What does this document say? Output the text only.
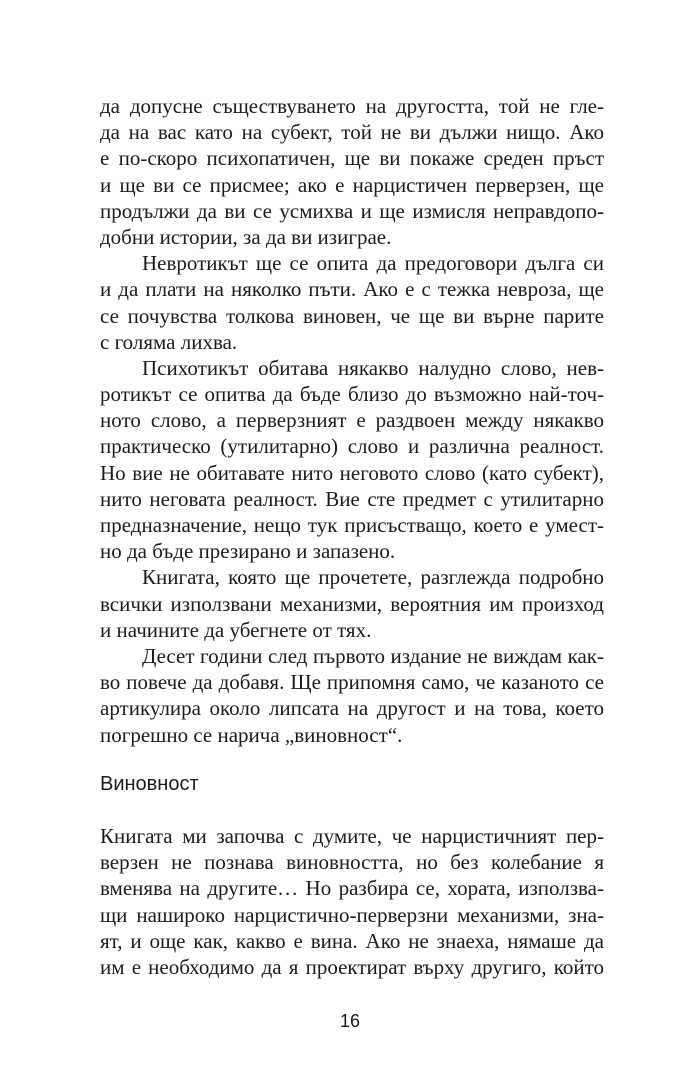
да допусне съществуването на другостта, той не гле-
да на вас като на субект, той не ви дължи нищо. Ако
е по-скоро психопатичен, ще ви покаже среден пръст
и ще ви се присмее; ако е нарцистичен перверзен, ще
продължи да ви се усмихва и ще измисля неправдопо-
добни истории, за да ви изиграе.
Невротикът ще се опита да предоговори дълга си
и да плати на няколко пъти. Ако е с тежка невроза, ще
се почувства толкова виновен, че ще ви върне парите
с голяма лихва.
Психотикът обитава някакво налудно слово, нев-
ротикът се опитва да бъде близо до възможно най-точ-
ното слово, а перверзният е раздвоен между някакво
практическо (утилитарно) слово и различна реалност.
Но вие не обитавате нито неговото слово (като субект),
нито неговата реалност. Вие сте предмет с утилитарно
предназначение, нещо тук присъстващо, което е умест-
но да бъде презирано и запазено.
Книгата, която ще прочетете, разглежда подробно
всички използвани механизми, вероятния им произход
и начините да убегнете от тях.
Десет години след първото издание не виждам как-
во повече да добавя. Ще припомня само, че казаното се
артикулира около липсата на другост и на това, което
погрешно се нарича „виновност“.
Виновност
Книгата ми започва с думите, че нарцистичният пер-
верзен не познава виновността, но без колебание я
вменява на другите… Но разбира се, хората, използва-
щи нашироко нарцистично-перверзни механизми, зна-
ят, и още как, какво е вина. Ако не знаеха, нямаше да
им е необходимо да я проектират върху другиго, който
16
